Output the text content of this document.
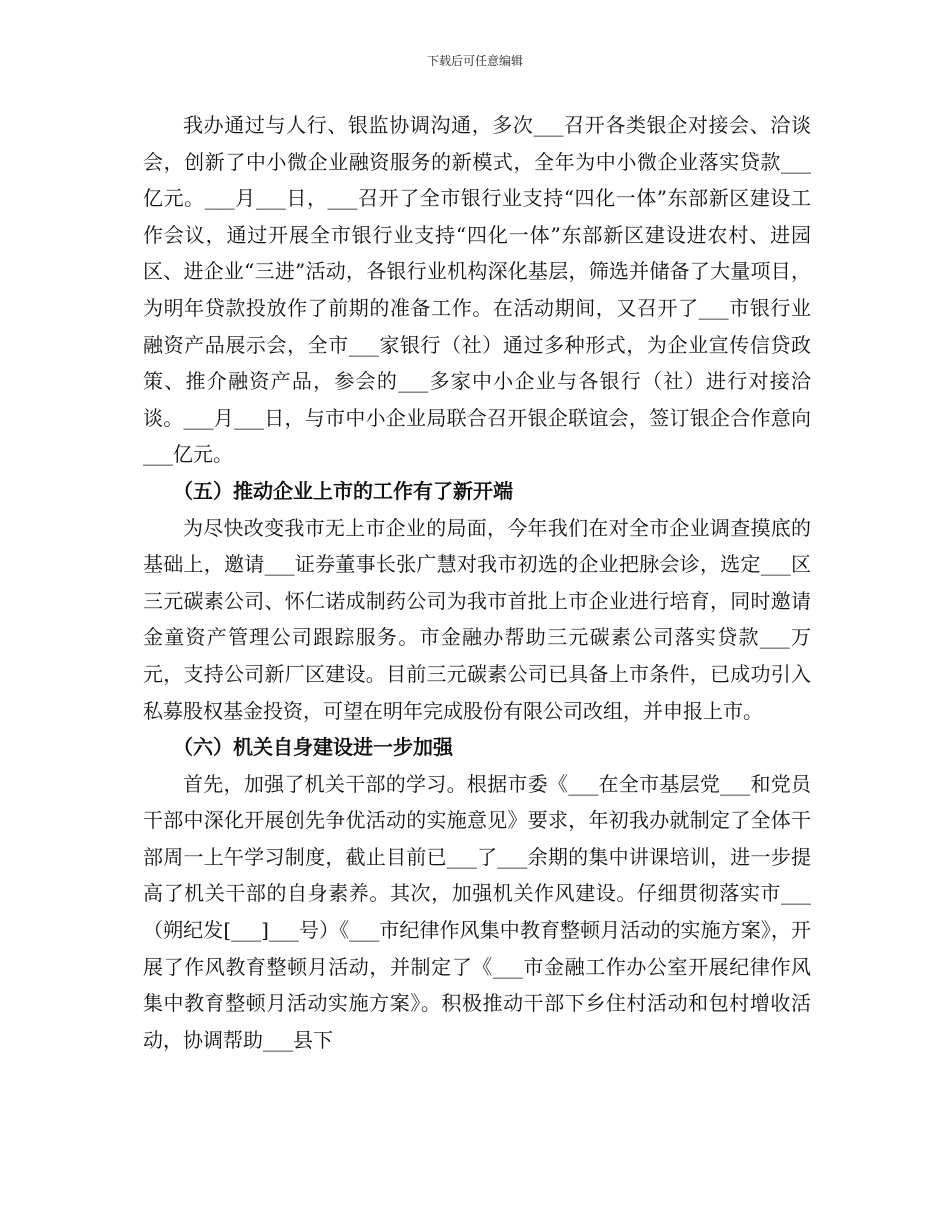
下载后可任意编辑

我办通过与人行、银监协调沟通，多次___召开各类银企对接会、洽谈会，创新了中小微企业融资服务的新模式，全年为中小微企业落实贷款___亿元。___月___日，___召开了全市银行业支持“四化一体”东部新区建设工作会议，通过开展全市银行业支持“四化一体”东部新区建设进农村、进园区、进企业“三进”活动，各银行业机构深化基层，筛选并储备了大量项目，为明年贷款投放作了前期的准备工作。在活动期间，又召开了___市银行业融资产品展示会，全市___家银行（社）通过多种形式，为企业宣传信贷政策、推介融资产品，参会的___多家中小企业与各银行（社）进行对接洽谈。___月___日，与市中小企业局联合召开银企联谊会，签订银企合作意向___亿元。

（五）推动企业上市的工作有了新开端

为尽快改变我市无上市企业的局面，今年我们在对全市企业调查摸底的基础上，邀请___证券董事长张广慧对我市初选的企业把脉会诊，选定___区三元碳素公司、怀仁诺成制药公司为我市首批上市企业进行培育，同时邀请金童资产管理公司跟踪服务。市金融办帮助三元碳素公司落实贷款___万元，支持公司新厂区建设。目前三元碳素公司已具备上市条件，已成功引入私募股权基金投资，可望在明年完成股份有限公司改组，并申报上市。

（六）机关自身建设进一步加强

首先，加强了机关干部的学习。根据市委《___在全市基层党___和党员干部中深化开展创先争优活动的实施意见》要求，年初我办就制定了全体干部周一上午学习制度，截止目前已___了___余期的集中讲课培训，进一步提高了机关干部的自身素养。其次，加强机关作风建设。仔细贯彻落实市___（朔纪发[___]___号）《___市纪律作风集中教育整顿月活动的实施方案》，开展了作风教育整顿月活动，并制定了《___市金融工作办公室开展纪律作风集中教育整顿月活动实施方案》。积极推动干部下乡住村活动和包村增收活动，协调帮助___县下
